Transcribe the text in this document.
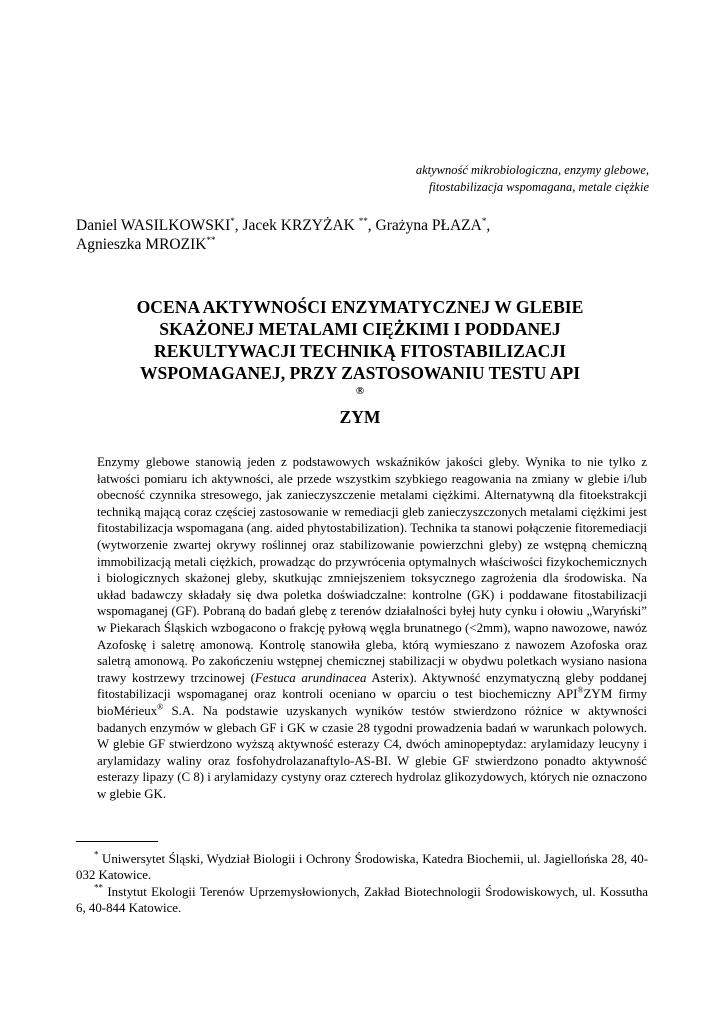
aktywność mikrobiologiczna, enzymy glebowe,
fitostabilizacja wspomagana, metale ciężkie
Daniel WASILKOWSKI*, Jacek KRZYŻAK **, Grażyna PŁAZA*,
Agnieszka MROZIK**
OCENA AKTYWNOŚCI ENZYMATYCZNEJ W GLEBIE
SKAŻONEJ METALAMI CIĘŻKIMI I PODDANEJ
REKULTYWACJI TECHNIKĄ FITOSTABILIZACJI
WSPOMAGANEJ, PRZY ZASTOSOWANIU TESTU API
®
ZYM

Enzymy glebowe stanowią jeden z podstawowych wskaźników jakości gleby. Wynika to nie tylko z łatwości pomiaru ich aktywności, ale przede wszystkim szybkiego reagowania na zmiany w glebie i/lub obecność czynnika stresowego, jak zanieczyszczenie metalami ciężkimi. Alternatywną dla fitoekstrakcji techniką mającą coraz częściej zastosowanie w remediacji gleb zanieczyszczonych metalami ciężkimi jest fitostabilizacja wspomagana (ang. aided phytostabilization). Technika ta stanowi połączenie fitoremediacji (wytworzenie zwartej okrywy roślinnej oraz stabilizowanie powierzchni gleby) ze wstępną chemiczną immobilizacją metali ciężkich, prowadząc do przywrócenia optymalnych właściwości fizykochemicznych i biologicznych skażonej gleby, skutkując zmniejszeniem toksycznego zagrożenia dla środowiska. Na układ badawczy składały się dwa poletka doświadczalne: kontrolne (GK) i poddawane fitostabilizacji wspomaganej (GF). Pobraną do badań glebę z terenów działalności byłej huty cynku i ołowiu „Waryński” w Piekarach Śląskich wzbogacono o frakcję pyłową węgla brunatnego (<2mm), wapno nawozowe, nawóz Azofoskę i saletrę amonową. Kontrolę stanowiła gleba, którą wymieszano z nawozem Azofoska oraz saletrą amonową. Po zakończeniu wstępnej chemicznej stabilizacji w obydwu poletkach wysiano nasiona trawy kostrzewy trzcinowej (Festuca arundinacea Asterix). Aktywność enzymatyczną gleby poddanej fitostabilizacji wspomaganej oraz kontroli oceniano w oparciu o test biochemiczny API®ZYM firmy bioMérieux® S.A. Na podstawie uzyskanych wyników testów stwierdzono różnice w aktywności badanych enzymów w glebach GF i GK w czasie 28 tygodni prowadzenia badań w warunkach polowych. W glebie GF stwierdzono wyższą aktywność esterazy C4, dwóch aminopeptydaz: arylamidazy leucyny i arylamidazy waliny oraz fosfohydrolazanaftylo-AS-BI. W glebie GF stwierdzono ponadto aktywność esterazy lipazy (C 8) i arylamidazy cystyny oraz czterech hydrolaz glikozydowych, których nie oznaczono w glebie GK.

* Uniwersytet Śląski, Wydział Biologii i Ochrony Środowiska, Katedra Biochemii, ul. Jagiellońska 28, 40-032 Katowice.

** Instytut Ekologii Terenów Uprzemysłowionych, Zakład Biotechnologii Środowiskowych, ul. Kossutha 6, 40-844 Katowice.
